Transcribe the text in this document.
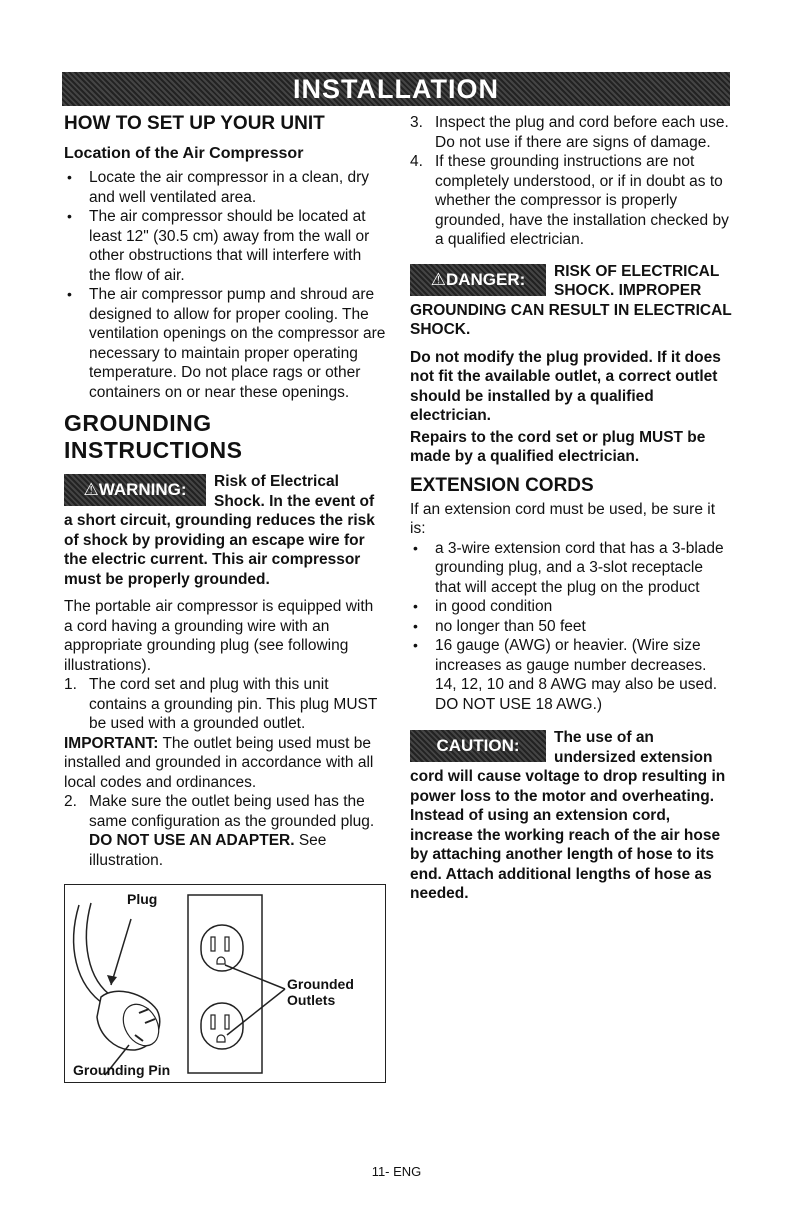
INSTALLATION
HOW TO SET UP YOUR UNIT
Location of the Air Compressor
• Locate the air compressor in a clean, dry and well ventilated area.
• The air compressor should be located at least 12" (30.5 cm) away from the wall or other obstructions that will interfere with the flow of air.
• The air compressor pump and shroud are designed to allow for proper cooling. The ventilation openings on the compressor are necessary to maintain proper operating temperature. Do not place rags or other containers on or near these openings.
GROUNDING INSTRUCTIONS
⚠WARNING:	Risk of Electrical Shock. In the event of a short circuit, grounding reduces the risk of shock by providing an escape wire for the electric current. This air compressor must be properly grounded.

The portable air compressor is equipped with a cord having a grounding wire with an appropriate grounding plug (see following illustrations).

1. The cord set and plug with this unit contains a grounding pin. This plug MUST be used with a grounded outlet.

IMPORTANT: The outlet being used must be installed and grounded in accordance with all local codes and ordinances.

2. Make sure the outlet being used has the same configuration as the grounded plug. DO NOT USE AN ADAPTER. See illustration.
Plug
Grounded
Outlets
Grounding Pin
3. Inspect the plug and cord before each use. Do not use if there are signs of damage.
4. If these grounding instructions are not completely understood, or if in doubt as to whether the compressor is properly grounded, have the installation checked by a qualified electrician.
⚠DANGER:	RISK OF ELECTRICAL SHOCK. IMPROPER GROUNDING CAN RESULT IN ELECTRICAL SHOCK.

Do not modify the plug provided. If it does not fit the available outlet, a correct outlet should be installed by a qualified electrician.

Repairs to the cord set or plug MUST be made by a qualified electrician.

EXTENSION CORDS

If an extension cord must be used, be sure it is:

• a 3-wire extension cord that has a 3-blade grounding plug, and a 3-slot receptacle that will accept the plug on the product
• in good condition
• no longer than 50 feet
• 16 gauge (AWG) or heavier. (Wire size increases as gauge number decreases. 14, 12, 10 and 8 AWG may also be used. DO NOT USE 18 AWG.)
CAUTION:	The use of an undersized extension cord will cause voltage to drop resulting in power loss to the motor and overheating. Instead of using an extension cord, increase the working reach of the air hose by attaching another length of hose to its end. Attach additional lengths of hose as needed.
11- ENG
